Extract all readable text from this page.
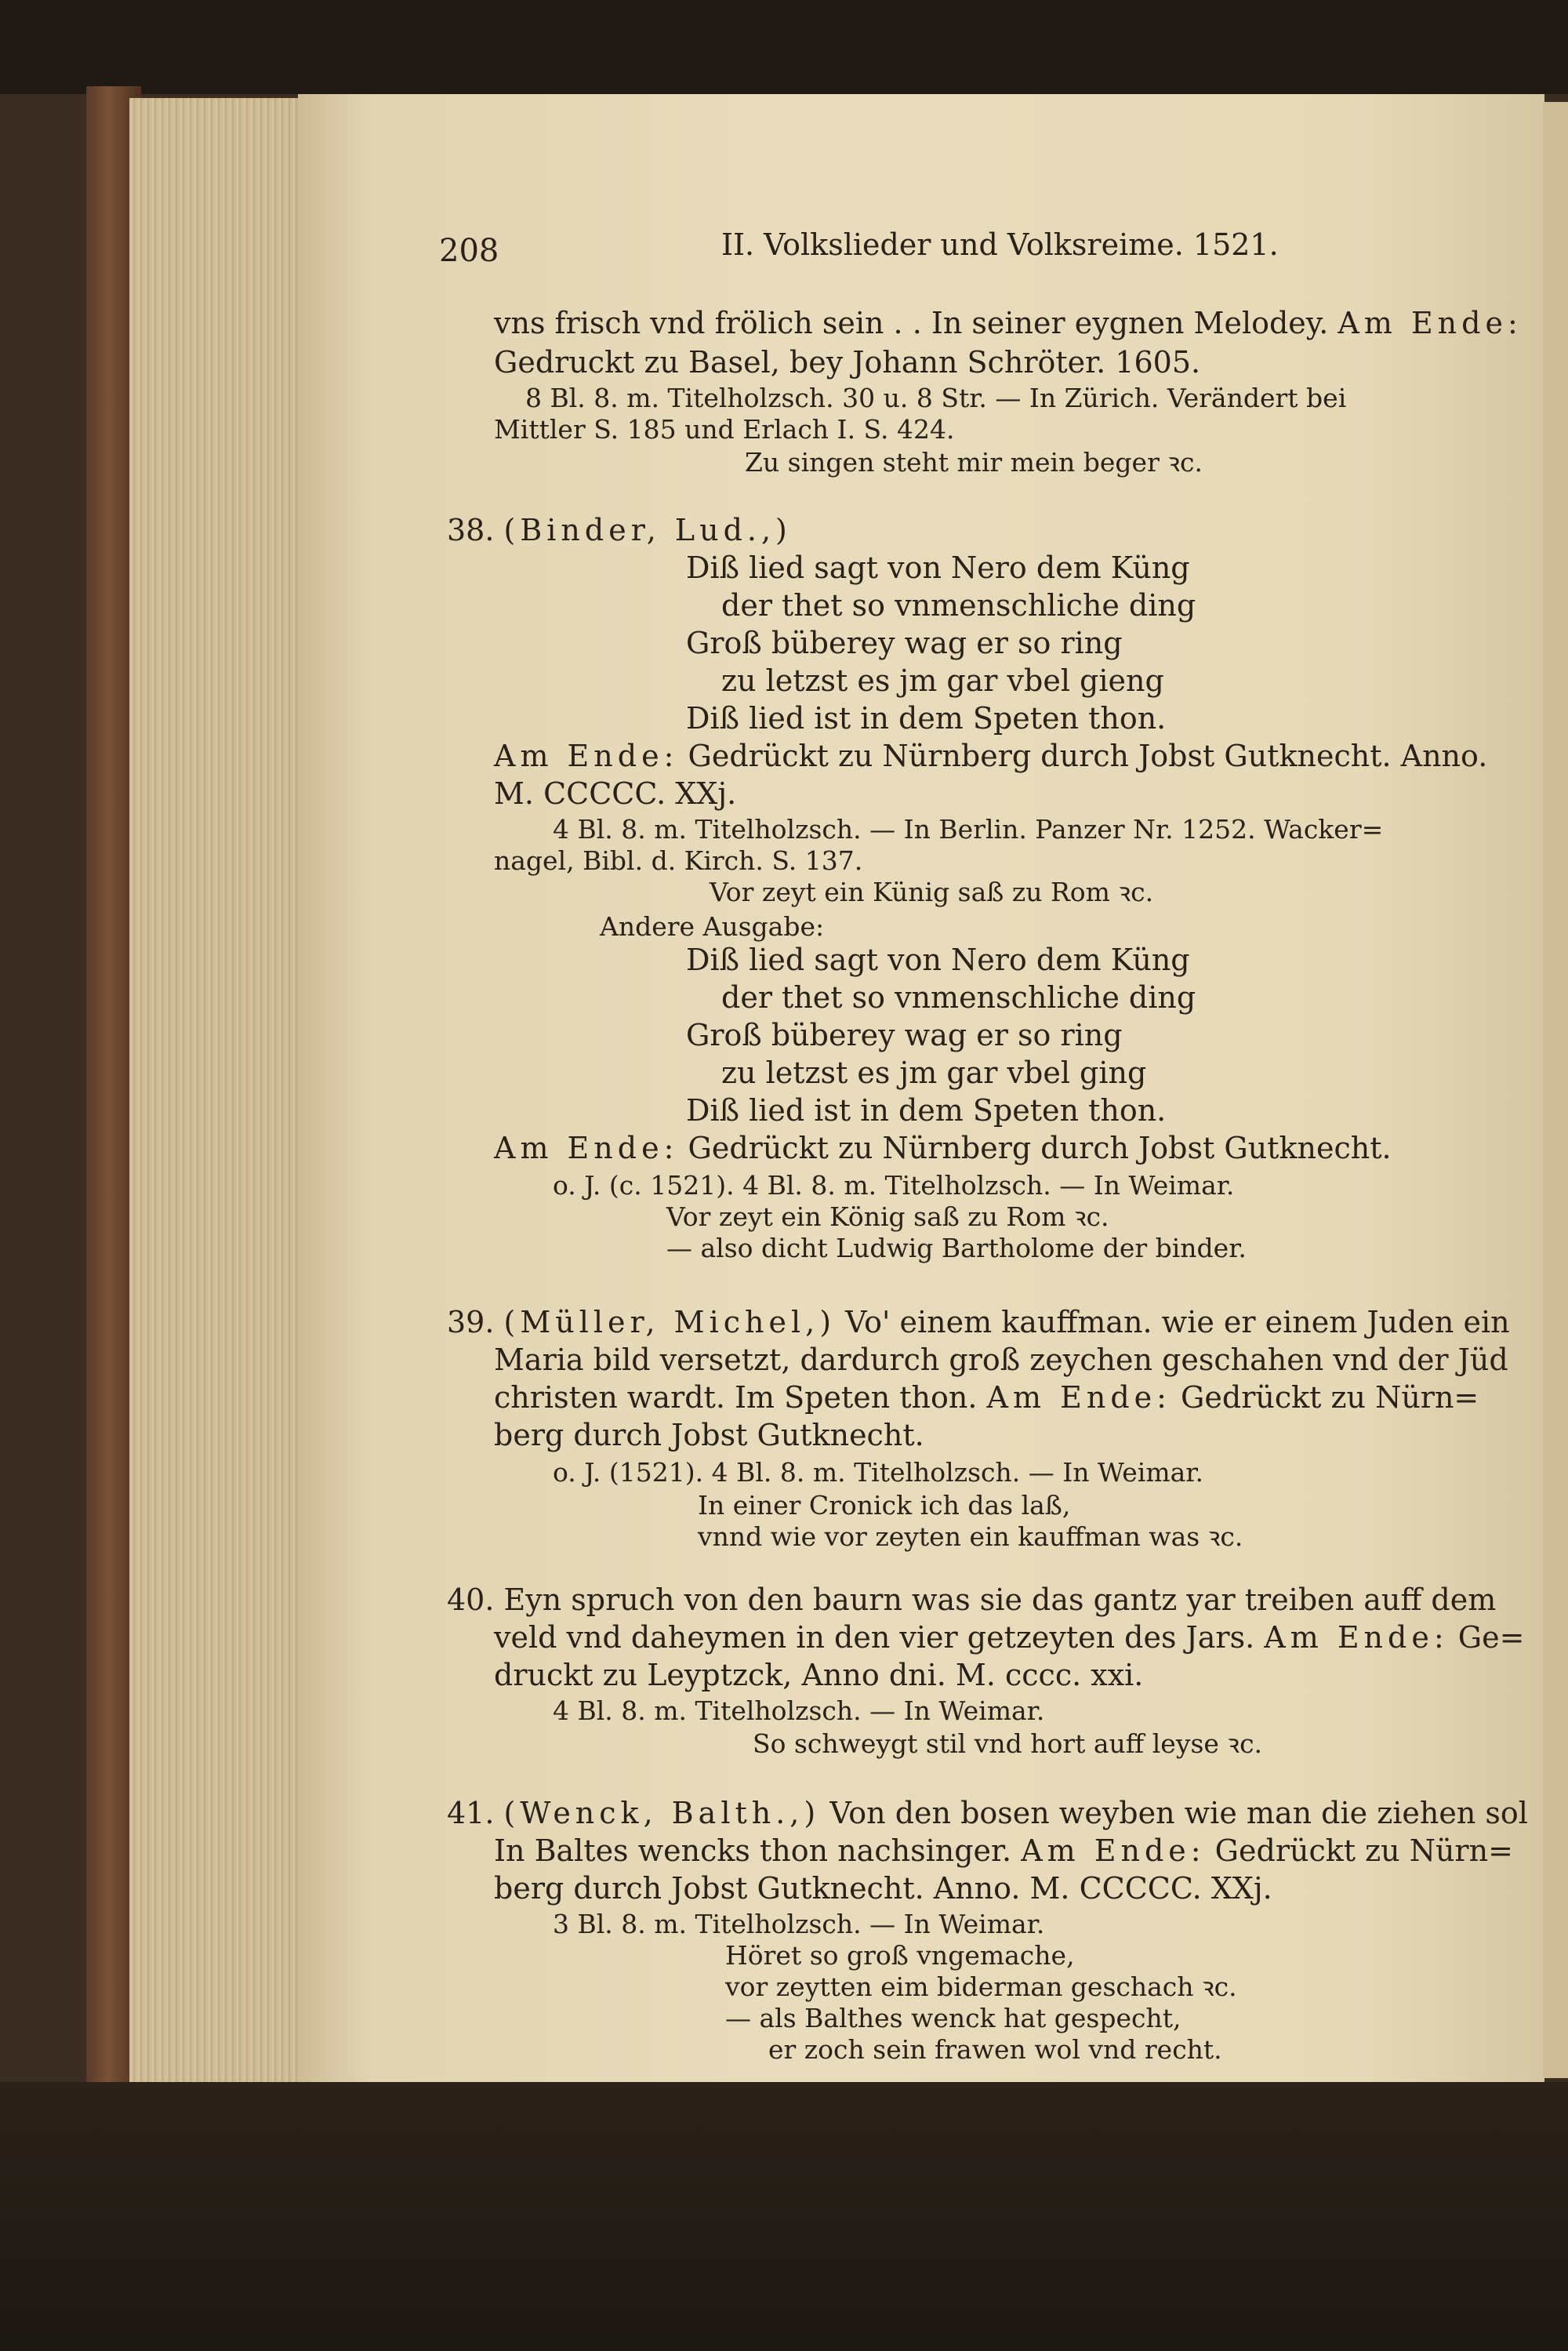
208	II. Volkslieder und Volksreime. 1521.
vns frisch vnd frölich sein . . In seiner eygnen Melodey. Am Ende:
Gedruckt zu Basel, bey Johann Schröter. 1605.
8 Bl. 8. m. Titelholzsch. 30 u. 8 Str. — In Zürich. Verändert bei
Mittler S. 185 und Erlach I. S. 424.
Zu singen steht mir mein beger ꝛc.
38. (Binder, Lud.,)
Diß lied sagt von Nero dem Küng
der thet so vnmenschliche ding
Groß büberey wag er so ring
zu letzst es jm gar vbel gieng
Diß lied ist in dem Speten thon.
Am Ende: Gedrückt zu Nürnberg durch Jobst Gutknecht. Anno.
M. CCCCC. XXj.
4 Bl. 8. m. Titelholzsch. — In Berlin. Panzer Nr. 1252. Wacker=
nagel, Bibl. d. Kirch. S. 137.
Vor zeyt ein Künig saß zu Rom ꝛc.
Andere Ausgabe:
Diß lied sagt von Nero dem Küng
der thet so vnmenschliche ding
Groß büberey wag er so ring
zu letzst es jm gar vbel ging
Diß lied ist in dem Speten thon.
Am Ende: Gedrückt zu Nürnberg durch Jobst Gutknecht.
o. J. (c. 1521). 4 Bl. 8. m. Titelholzsch. — In Weimar.
Vor zeyt ein König saß zu Rom ꝛc.
— also dicht Ludwig Bartholome der binder.
39. (Müller, Michel,) Vo' einem kauffman. wie er einem Juden ein
Maria bild versetzt, dardurch groß zeychen geschahen vnd der Jüd
christen wardt. Im Speten thon. Am Ende: Gedrückt zu Nürn=
berg durch Jobst Gutknecht.
o. J. (1521). 4 Bl. 8. m. Titelholzsch. — In Weimar.
In einer Cronick ich das laß,
vnnd wie vor zeyten ein kauffman was ꝛc.
40. Eyn spruch von den baurn was sie das gantz yar treiben auff dem
veld vnd daheymen in den vier getzeyten des Jars. Am Ende: Ge=
druckt zu Leyptzck, Anno dni. M. cccc. xxi.
4 Bl. 8. m. Titelholzsch. — In Weimar.
So schweygt stil vnd hort auff leyse ꝛc.
41. (Wenck, Balth.,) Von den bosen weyben wie man die ziehen sol
In Baltes wencks thon nachsinger. Am Ende: Gedrückt zu Nürn=
berg durch Jobst Gutknecht. Anno. M. CCCCC. XXj.
3 Bl. 8. m. Titelholzsch. — In Weimar.
Höret so groß vngemache,
vor zeytten eim biderman geschach ꝛc.
— als Balthes wenck hat gespecht,
er zoch sein frawen wol vnd recht.
